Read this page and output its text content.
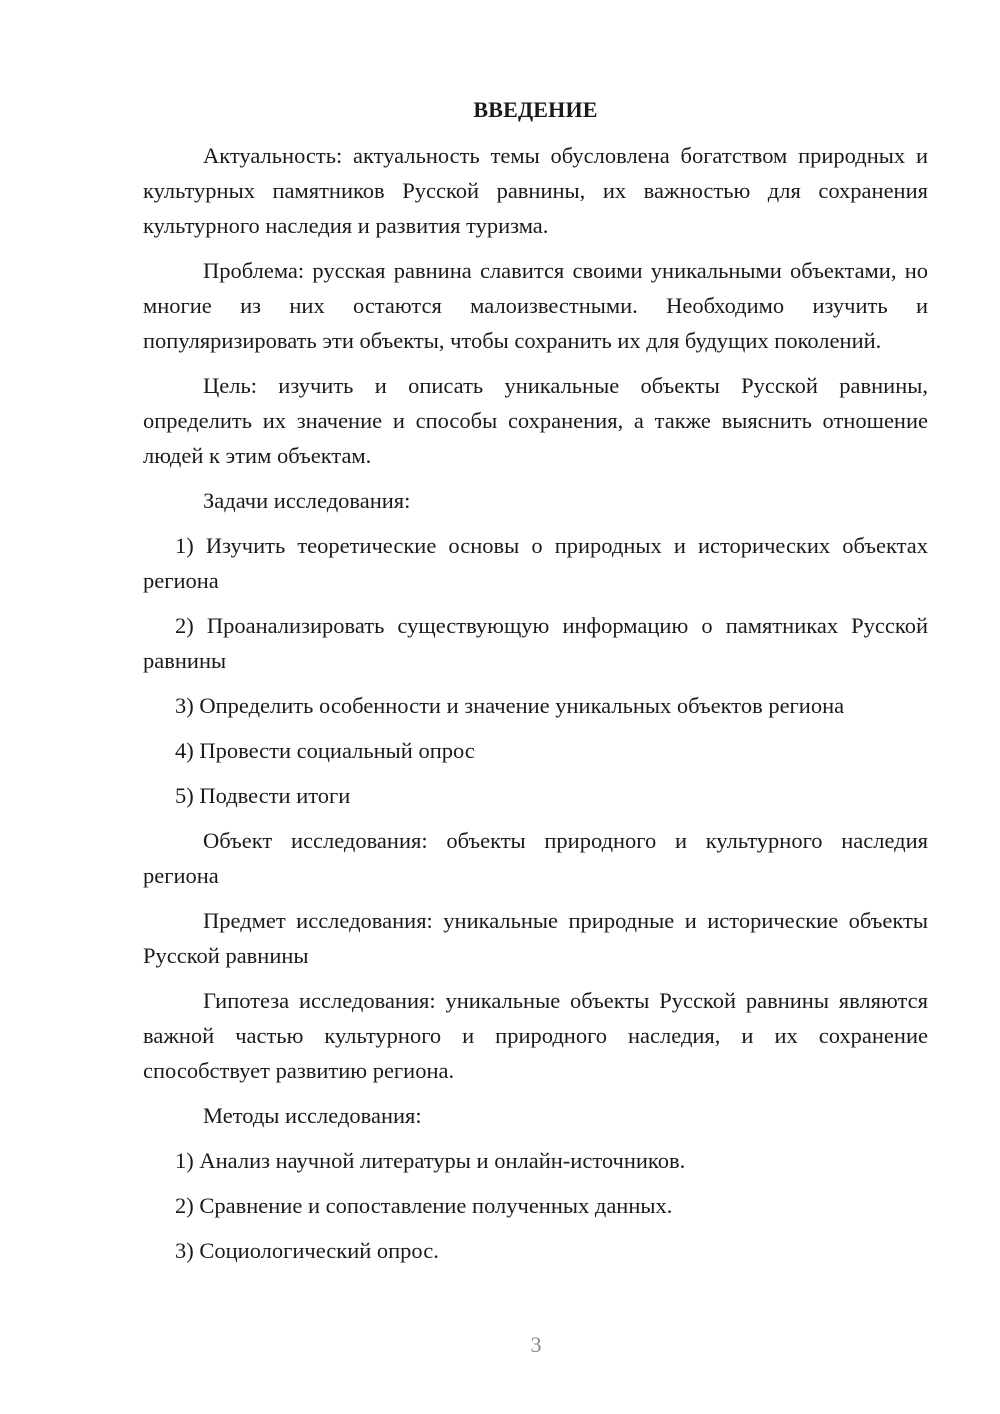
ВВЕДЕНИЕ

Актуальность: актуальность темы обусловлена богатством природных и культурных памятников Русской равнины, их важностью для сохранения культурного наследия и развития туризма.

Проблема: русская равнина славится своими уникальными объектами, но многие из них остаются малоизвестными. Необходимо изучить и популяризировать эти объекты, чтобы сохранить их для будущих поколений.

Цель: изучить и описать уникальные объекты Русской равнины, определить их значение и способы сохранения, а также выяснить отношение людей к этим объектам.

Задачи исследования:

1) Изучить теоретические основы о природных и исторических объектах региона

2) Проанализировать существующую информацию о памятниках Русской равнины

3) Определить особенности и значение уникальных объектов региона

4) Провести социальный опрос

5) Подвести итоги

Объект исследования: объекты природного и культурного наследия региона

Предмет исследования: уникальные природные и исторические объекты Русской равнины

Гипотеза исследования: уникальные объекты Русской равнины являются важной частью культурного и природного наследия, и их сохранение способствует развитию региона.

Методы исследования:

1) Анализ научной литературы и онлайн-источников.

2) Сравнение и сопоставление полученных данных.

3) Социологический опрос.

3
